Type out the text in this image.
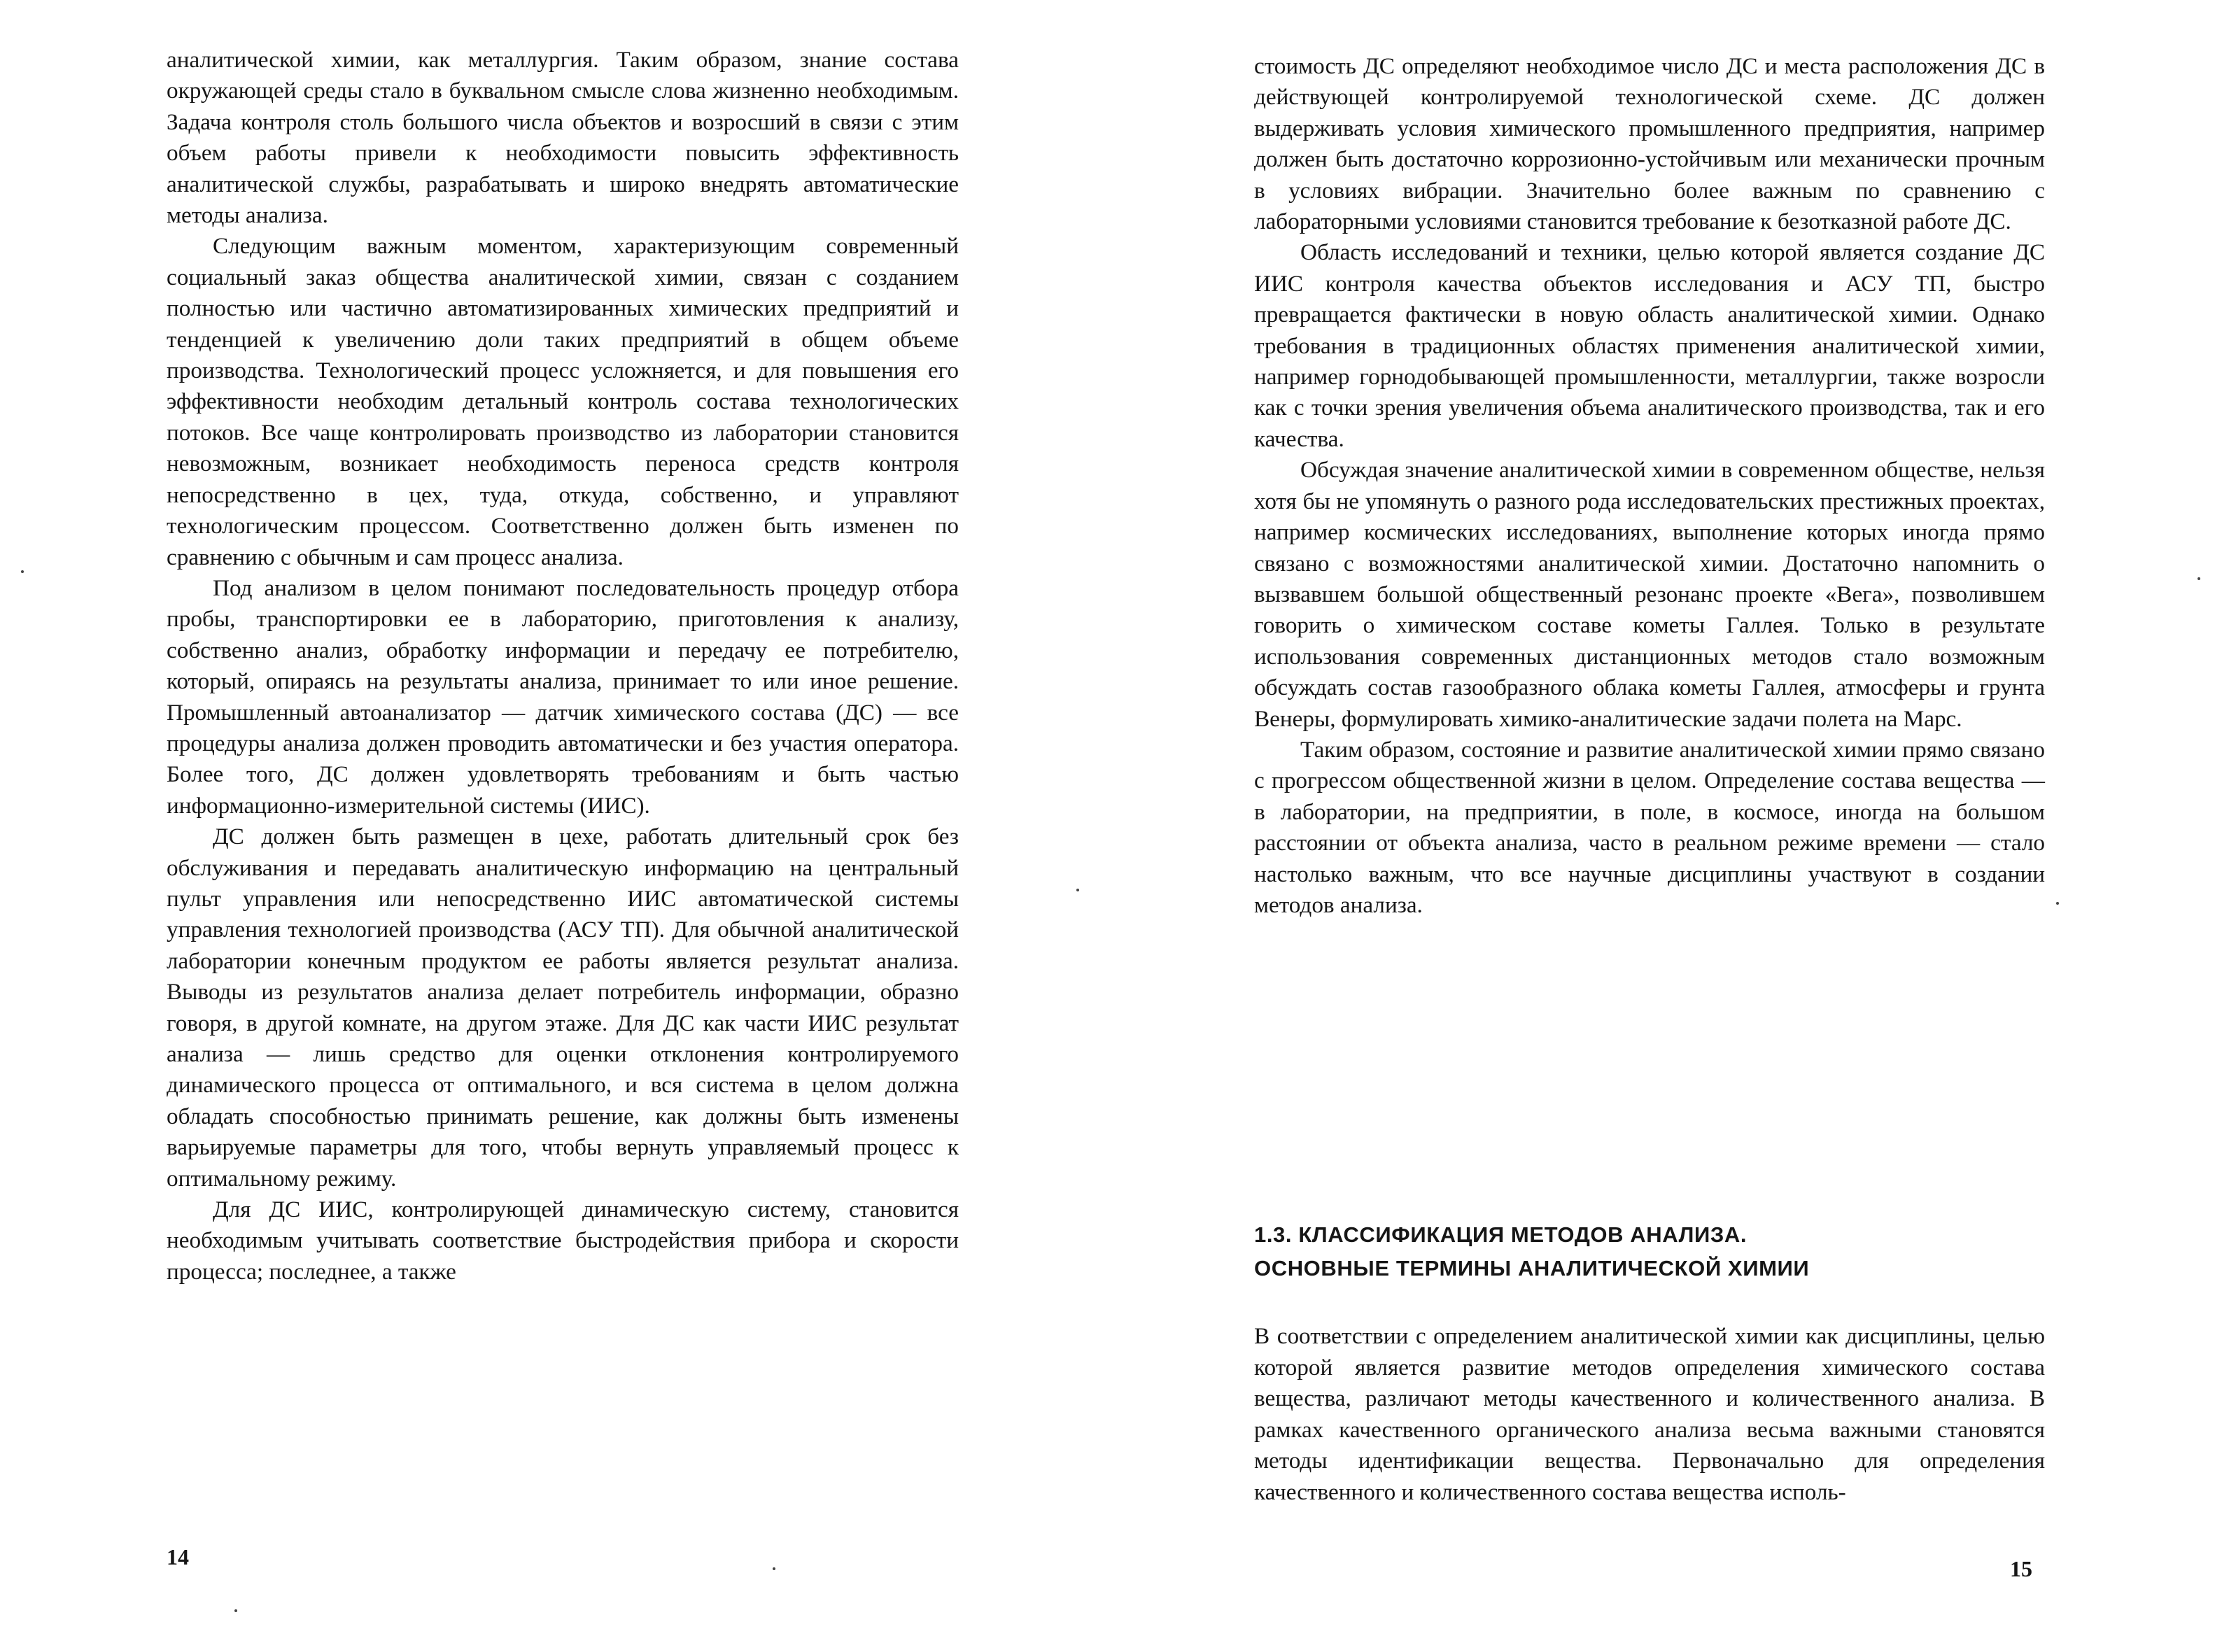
аналитической химии, как металлургия. Таким образом, знание состава окружающей среды стало в буквальном смысле слова жизненно необходимым. Задача контроля столь большого числа объектов и возросший в связи с этим объем работы привели к необходимости повысить эффективность аналитической службы, разрабатывать и широко внедрять автоматические методы анализа.

Следующим важным моментом, характеризующим современный социальный заказ общества аналитической химии, связан с созданием полностью или частично автоматизированных химических предприятий и тенденцией к увеличению доли таких предприятий в общем объеме производства. Технологический процесс усложняется, и для повышения его эффективности необходим детальный контроль состава технологических потоков. Все чаще контролировать производство из лаборатории становится невозможным, возникает необходимость переноса средств контроля непосредственно в цех, туда, откуда, собственно, и управляют технологическим процессом. Соответственно должен быть изменен по сравнению с обычным и сам процесс анализа.

Под анализом в целом понимают последовательность процедур отбора пробы, транспортировки ее в лабораторию, приготовления к анализу, собственно анализ, обработку информации и передачу ее потребителю, который, опираясь на результаты анализа, принимает то или иное решение. Промышленный автоанализатор — датчик химического состава (ДС) — все процедуры анализа должен проводить автоматически и без участия оператора. Более того, ДС должен удовлетворять требованиям и быть частью информационно-измерительной системы (ИИС).

ДС должен быть размещен в цехе, работать длительный срок без обслуживания и передавать аналитическую информацию на центральный пульт управления или непосредственно ИИС автоматической системы управления технологией производства (АСУ ТП). Для обычной аналитической лаборатории конечным продуктом ее работы является результат анализа. Выводы из результатов анализа делает потребитель информации, образно говоря, в другой комнате, на другом этаже. Для ДС как части ИИС результат анализа — лишь средство для оценки отклонения контролируемого динамического процесса от оптимального, и вся система в целом должна обладать способностью принимать решение, как должны быть изменены варьируемые параметры для того, чтобы вернуть управляемый процесс к оптимальному режиму.

Для ДС ИИС, контролирующей динамическую систему, становится необходимым учитывать соответствие быстродействия прибора и скорости процесса; последнее, а также

14

стоимость ДС определяют необходимое число ДС и места расположения ДС в действующей контролируемой технологической схеме. ДС должен выдерживать условия химического промышленного предприятия, например должен быть достаточно коррозионно-устойчивым или механически прочным в условиях вибрации. Значительно более важным по сравнению с лабораторными условиями становится требование к безотказной работе ДС.

Область исследований и техники, целью которой является создание ДС ИИС контроля качества объектов исследования и АСУ ТП, быстро превращается фактически в новую область аналитической химии. Однако требования в традиционных областях применения аналитической химии, например горнодобывающей промышленности, металлургии, также возросли как с точки зрения увеличения объема аналитического производства, так и его качества.

Обсуждая значение аналитической химии в современном обществе, нельзя хотя бы не упомянуть о разного рода исследовательских престижных проектах, например космических исследованиях, выполнение которых иногда прямо связано с возможностями аналитической химии. Достаточно напомнить о вызвавшем большой общественный резонанс проекте «Вега», позволившем говорить о химическом составе кометы Галлея. Только в результате использования современных дистанционных методов стало возможным обсуждать состав газообразного облака кометы Галлея, атмосферы и грунта Венеры, формулировать химико-аналитические задачи полета на Марс.

Таким образом, состояние и развитие аналитической химии прямо связано с прогрессом общественной жизни в целом. Определение состава вещества — в лаборатории, на предприятии, в поле, в космосе, иногда на большом расстоянии от объекта анализа, часто в реальном режиме времени — стало настолько важным, что все научные дисциплины участвуют в создании методов анализа.

1.3. КЛАССИФИКАЦИЯ МЕТОДОВ АНАЛИЗА.
ОСНОВНЫЕ ТЕРМИНЫ АНАЛИТИЧЕСКОЙ ХИМИИ

В соответствии с определением аналитической химии как дисциплины, целью которой является развитие методов определения химического состава вещества, различают методы качественного и количественного анализа. В рамках качественного органического анализа весьма важными становятся методы идентификации вещества. Первоначально для определения качественного и количественного состава вещества исполь-

15
